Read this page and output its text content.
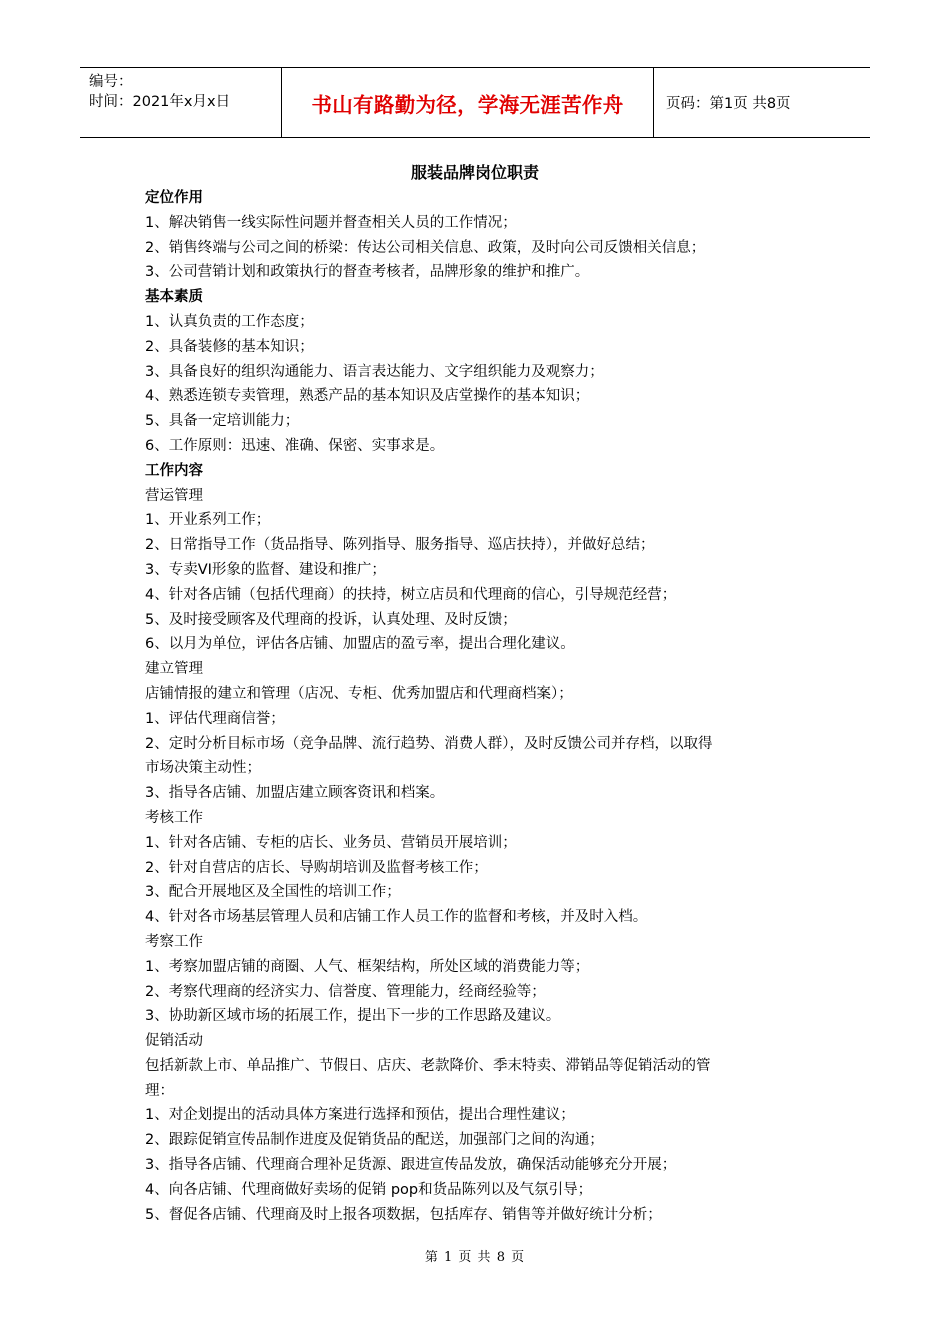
编号：
时间：2021年x月x日	书山有路勤为径，学海无涯苦作舟	页码：第1页 共8页
服装品牌岗位职责
定位作用
1、解决销售一线实际性问题并督查相关人员的工作情况；
2、销售终端与公司之间的桥梁：传达公司相关信息、政策，及时向公司反馈相关信息；
3、公司营销计划和政策执行的督查考核者，品牌形象的维护和推广。
基本素质
1、认真负责的工作态度；
2、具备装修的基本知识；
3、具备良好的组织沟通能力、语言表达能力、文字组织能力及观察力；
4、熟悉连锁专卖管理，熟悉产品的基本知识及店堂操作的基本知识；
5、具备一定培训能力；
6、工作原则：迅速、准确、保密、实事求是。
工作内容
营运管理
1、开业系列工作；
2、日常指导工作（货品指导、陈列指导、服务指导、巡店扶持），并做好总结；
3、专卖VI形象的监督、建设和推广；
4、针对各店铺（包括代理商）的扶持，树立店员和代理商的信心，引导规范经营；
5、及时接受顾客及代理商的投诉，认真处理、及时反馈；
6、以月为单位，评估各店铺、加盟店的盈亏率，提出合理化建议。
建立管理
店铺情报的建立和管理（店况、专柜、优秀加盟店和代理商档案）；
1、评估代理商信誉；
2、定时分析目标市场（竞争品牌、流行趋势、消费人群），及时反馈公司并存档，以取得
市场决策主动性；
3、指导各店铺、加盟店建立顾客资讯和档案。
考核工作
1、针对各店铺、专柜的店长、业务员、营销员开展培训；
2、针对自营店的店长、导购胡培训及监督考核工作；
3、配合开展地区及全国性的培训工作；
4、针对各市场基层管理人员和店铺工作人员工作的监督和考核，并及时入档。
考察工作
1、考察加盟店铺的商圈、人气、框架结构，所处区域的消费能力等；
2、考察代理商的经济实力、信誉度、管理能力，经商经验等；
3、协助新区域市场的拓展工作，提出下一步的工作思路及建议。
促销活动
包括新款上市、单品推广、节假日、店庆、老款降价、季末特卖、滞销品等促销活动的管
理：
1、对企划提出的活动具体方案进行选择和预估，提出合理性建议；
2、跟踪促销宣传品制作进度及促销货品的配送，加强部门之间的沟通；
3、指导各店铺、代理商合理补足货源、跟进宣传品发放，确保活动能够充分开展；
4、向各店铺、代理商做好卖场的促销 pop和货品陈列以及气氛引导；
5、督促各店铺、代理商及时上报各项数据，包括库存、销售等并做好统计分析；
第 1 页 共 8 页
